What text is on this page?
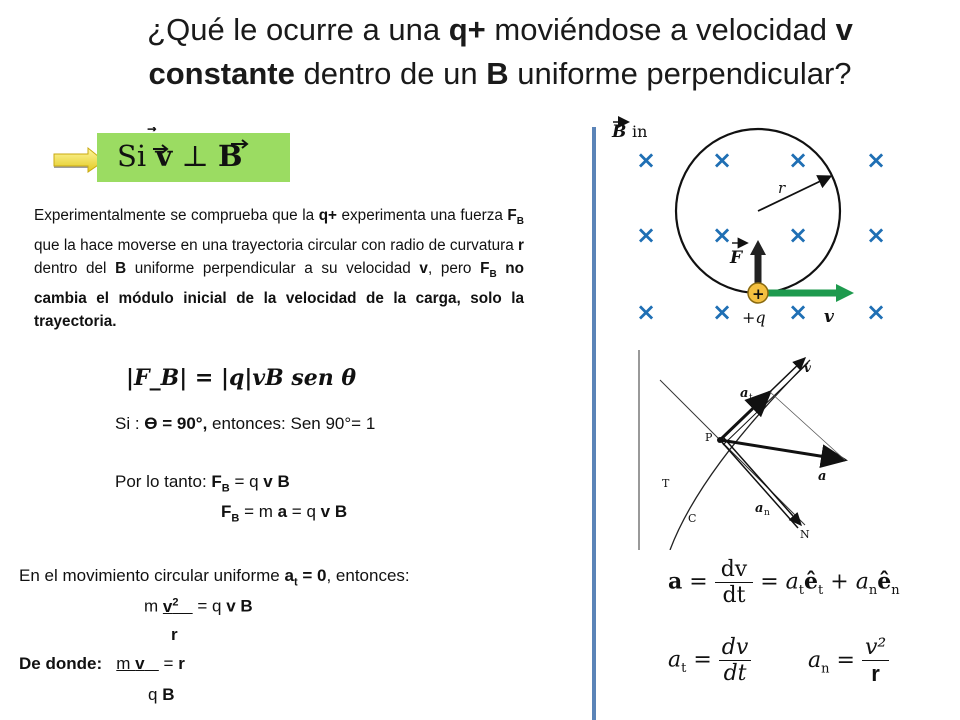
¿Qué le ocurre a una q+ moviéndose a velocidad v
constante dentro de un B uniforme perpendicular?
Si v ⊥ B
Experimentalmente se comprueba que la q+ experimenta una fuerza $F_B$ que la hace moverse en una trayectoria circular con radio de curvatura r dentro del B uniforme perpendicular a su velocidad v, pero $F_B$ no cambia el módulo inicial de la velocidad de la carga, solo la trayectoria.
|F_B| = |q|vB sen θ
Si : Ɵ = 90°, entonces: Sen 90°= 1
Por lo tanto: $F_B = q$ v B
$F_B = m$ a = q v B
En el movimiento circular uniforme $a_t = 0$, entonces:
m $v^2$    = q v B
r
De donde: m v    = r
q B
B in
× × × ×
× × × ×
× × × ×
r
F
v
+
+q
v
a t
P
a
T
a n
C
N
$a = \frac{dv}{dt}$ = $a_tê_t$ + $a_nê_n$
$a_t = \frac{dv}{dt}$	$a_n = \frac{\text{v²}}{r}$
